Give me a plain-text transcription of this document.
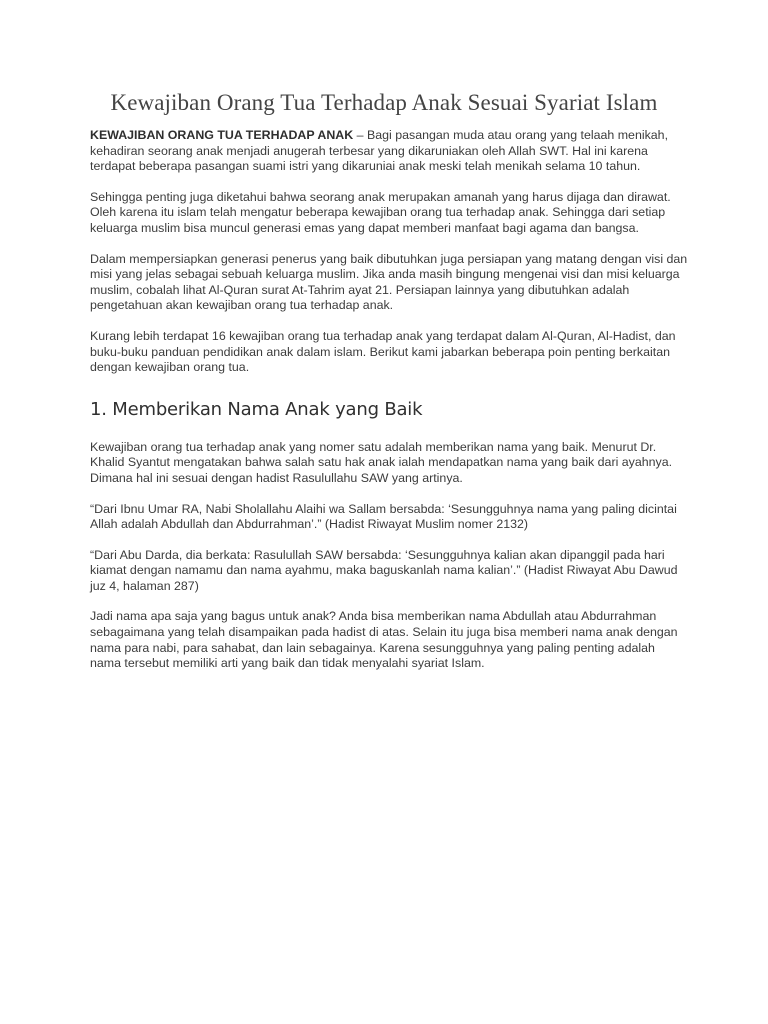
Kewajiban Orang Tua Terhadap Anak Sesuai Syariat Islam

KEWAJIBAN ORANG TUA TERHADAP ANAK – Bagi pasangan muda atau orang yang telaah menikah, kehadiran seorang anak menjadi anugerah terbesar yang dikaruniakan oleh Allah SWT. Hal ini karena terdapat beberapa pasangan suami istri yang dikaruniai anak meski telah menikah selama 10 tahun.

Sehingga penting juga diketahui bahwa seorang anak merupakan amanah yang harus dijaga dan dirawat. Oleh karena itu islam telah mengatur beberapa kewajiban orang tua terhadap anak. Sehingga dari setiap keluarga muslim bisa muncul generasi emas yang dapat memberi manfaat bagi agama dan bangsa.

Dalam mempersiapkan generasi penerus yang baik dibutuhkan juga persiapan yang matang dengan visi dan misi yang jelas sebagai sebuah keluarga muslim. Jika anda masih bingung mengenai visi dan misi keluarga muslim, cobalah lihat Al-Quran surat At-Tahrim ayat 21. Persiapan lainnya yang dibutuhkan adalah pengetahuan akan kewajiban orang tua terhadap anak.

Kurang lebih terdapat 16 kewajiban orang tua terhadap anak yang terdapat dalam Al-Quran, Al-Hadist, dan buku-buku panduan pendidikan anak dalam islam. Berikut kami jabarkan beberapa poin penting berkaitan dengan kewajiban orang tua.

1. Memberikan Nama Anak yang Baik

Kewajiban orang tua terhadap anak yang nomer satu adalah memberikan nama yang baik. Menurut Dr. Khalid Syantut mengatakan bahwa salah satu hak anak ialah mendapatkan nama yang baik dari ayahnya. Dimana hal ini sesuai dengan hadist Rasulullahu SAW yang artinya.

“Dari Ibnu Umar RA, Nabi Sholallahu Alaihi wa Sallam bersabda: ‘Sesungguhnya nama yang paling dicintai Allah adalah Abdullah dan Abdurrahman’.” (Hadist Riwayat Muslim nomer 2132)

“Dari Abu Darda, dia berkata: Rasulullah SAW bersabda: ‘Sesungguhnya kalian akan dipanggil pada hari kiamat dengan namamu dan nama ayahmu, maka baguskanlah nama kalian’.” (Hadist Riwayat Abu Dawud juz 4, halaman 287)

Jadi nama apa saja yang bagus untuk anak? Anda bisa memberikan nama Abdullah atau Abdurrahman sebagaimana yang telah disampaikan pada hadist di atas. Selain itu juga bisa memberi nama anak dengan nama para nabi, para sahabat, dan lain sebagainya. Karena sesungguhnya yang paling penting adalah nama tersebut memiliki arti yang baik dan tidak menyalahi syariat Islam.
